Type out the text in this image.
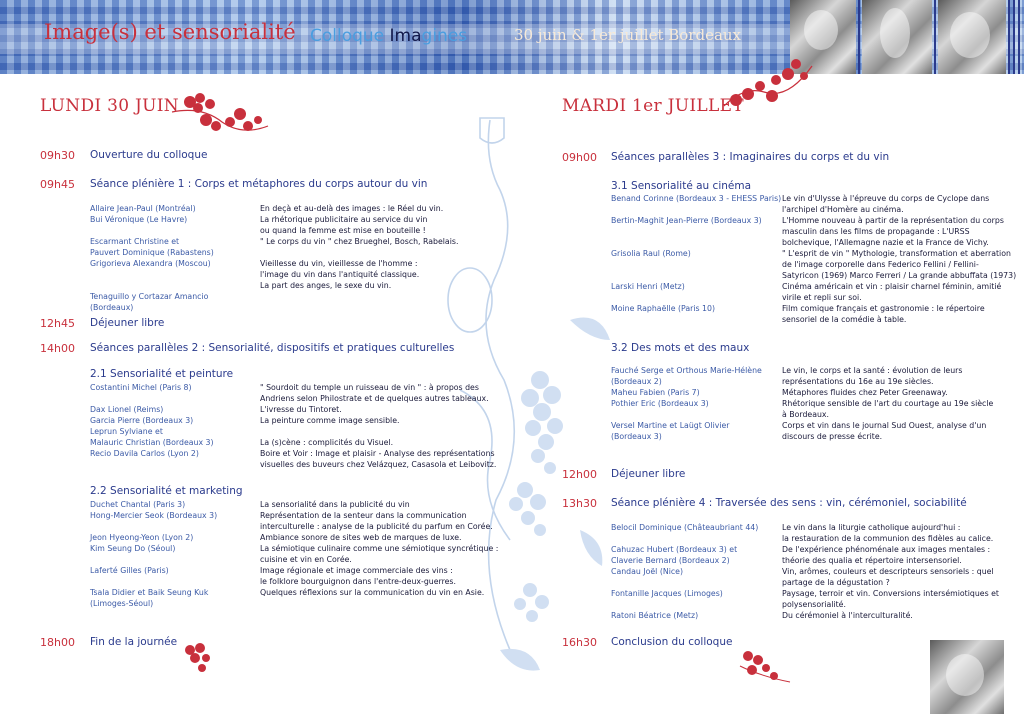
Image(s) et sensorialité Colloque Imagines	30 juin & 1er juillet Bordeaux
LUNDI 30 JUIN
09h30 Ouverture du colloque
09h45 Séance plénière 1 : Corps et métaphores du corps autour du vin
Allaire Jean-Paul (Montréal)
Bui Véronique (Le Havre)

Escarmant Christine et
Pauvert Dominique (Rabastens)
Grigorieva Alexandra (Moscou)

Tenaguillo y Cortazar Amancio
(Bordeaux)
En deçà et au-delà des images : le Réel du vin.
La rhétorique publicitaire au service du vin
ou quand la femme est mise en bouteille !
" Le corps du vin " chez Brueghel, Bosch, Rabelais.

Vieillesse du vin, vieillesse de l'homme :
l'image du vin dans l'antiquité classique.
La part des anges, le sexe du vin.
12h45 Déjeuner libre
14h00 Séances parallèles 2 : Sensorialité, dispositifs et pratiques culturelles
2.1 Sensorialité et peinture
Costantini Michel (Paris 8)

Dax Lionel (Reims)
Garcia Pierre (Bordeaux 3)
Leprun Sylviane et
Malauric Christian (Bordeaux 3)
Recio Davila Carlos (Lyon 2)
" Sourdoit du temple un ruisseau de vin " : à propos des
Andriens selon Philostrate et de quelques autres tableaux.
L'ivresse du Tintoret.
La peinture comme image sensible.

La (s)cène : complicités du Visuel.
Boire et Voir : Image et plaisir - Analyse des représentations
visuelles des buveurs chez Velázquez, Casasola et Leibovitz.
2.2 Sensorialité et marketing
Duchet Chantal (Paris 3)
Hong-Mercier Seok (Bordeaux 3)

Jeon Hyeong-Yeon (Lyon 2)
Kim Seung Do (Séoul)

Laferté Gilles (Paris)

Tsala Didier et Baik Seung Kuk
(Limoges-Séoul)
La sensorialité dans la publicité du vin
Représentation de la senteur dans la communication
interculturelle : analyse de la publicité du parfum en Corée.
Ambiance sonore de sites web de marques de luxe.
La sémiotique culinaire comme une sémiotique syncrétique :
cuisine et vin en Corée.
Image régionale et image commerciale des vins :
le folklore bourguignon dans l'entre-deux-guerres.
Quelques réflexions sur la communication du vin en Asie.
18h00 Fin de la journée
MARDI 1er JUILLET
09h00 Séances parallèles 3 : Imaginaires du corps et du vin
3.1 Sensorialité au cinéma
Benand Corinne (Bordeaux 3 - EHESS Paris)

Bertin-Maghit Jean-Pierre (Bordeaux 3)

Grisolia Raul (Rome)

Larski Henri (Metz)

Moine Raphaëlle (Paris 10)
Le vin d'Ulysse à l'épreuve du corps de Cyclope dans
l'archipel d'Homère au cinéma.
L'Homme nouveau à partir de la représentation du corps
masculin dans les films de propagande : L'URSS
bolchevique, l'Allemagne nazie et la France de Vichy.
" L'esprit de vin " Mythologie, transformation et aberration
de l'image corporelle dans Federico Fellini / Fellini-
Satyricon (1969) Marco Ferreri / La grande abbuffata (1973)
Cinéma américain et vin : plaisir charnel féminin, amitié
virile et repli sur soi.
Film comique français et gastronomie : le répertoire
sensoriel de la comédie à table.
3.2 Des mots et des maux
Fauché Serge et Orthous Marie-Hélène
(Bordeaux 2)
Maheu Fabien (Paris 7)
Pothier Eric (Bordeaux 3)

Versel Martine et Laügt Olivier
(Bordeaux 3)
Le vin, le corps et la santé : évolution de leurs
représentations du 16e au 19e siècles.
Métaphores fluides chez Peter Greenaway.
Rhétorique sensible de l'art du courtage au 19e siècle
à Bordeaux.
Corps et vin dans le journal Sud Ouest, analyse d'un
discours de presse écrite.
12h00 Déjeuner libre
13h30 Séance plénière 4 : Traversée des sens : vin, cérémoniel, sociabilité
Belocil Dominique (Châteaubriant 44)

Cahuzac Hubert (Bordeaux 3) et
Claverie Bernard (Bordeaux 2)
Candau Joël (Nice)

Fontanille Jacques (Limoges)

Ratoni Béatrice (Metz)
Le vin dans la liturgie catholique aujourd'hui :
la restauration de la communion des fidèles au calice.
De l'expérience phénoménale aux images mentales :
théorie des qualia et répertoire intersensoriel.
Vin, arômes, couleurs et descripteurs sensoriels : quel
partage de la dégustation ?
Paysage, terroir et vin. Conversions intersémiotiques et
polysensorialité.
Du cérémoniel à l'interculturalité.
16h30 Conclusion du colloque
